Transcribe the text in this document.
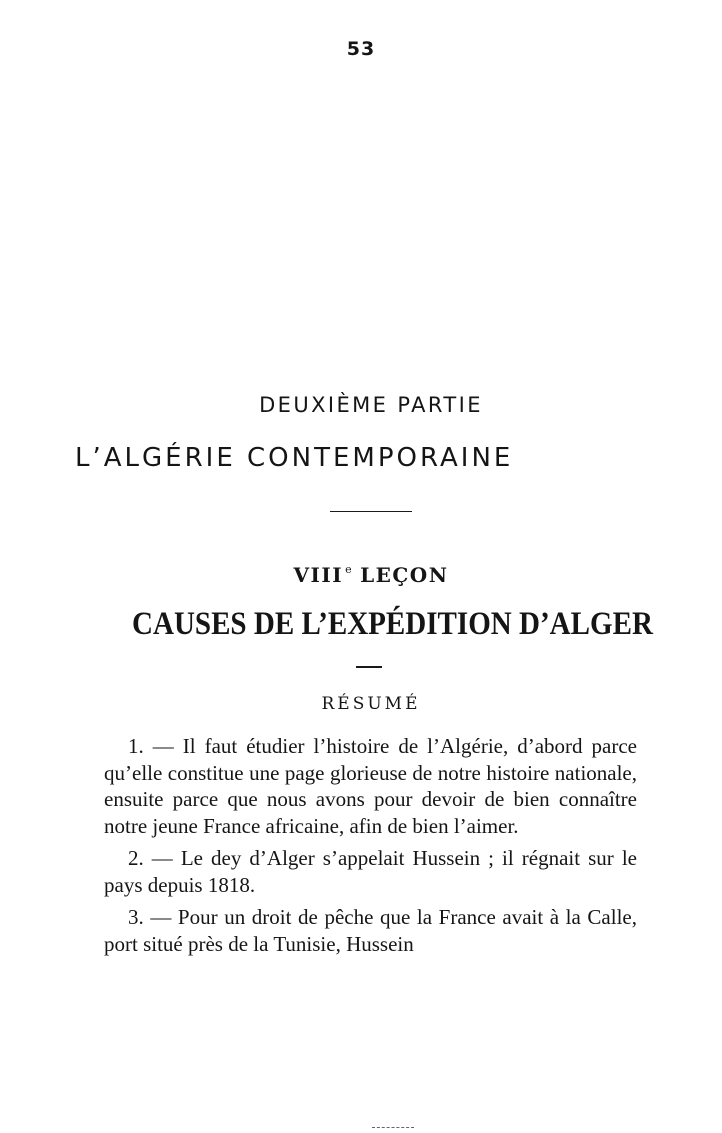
53
DEUXIÈME PARTIE
L’ALGÉRIE CONTEMPORAINE
VIII $^e$ LEÇON
CAUSES DE L’EXPÉDITION D’ALGER
RÉSUMÉ

1. — Il faut étudier l’histoire de l’Algérie, d’abord parce qu’elle constitue une page glorieuse de notre histoire nationale, ensuite parce que nous avons pour devoir de bien connaître notre jeune France africaine, afin de bien l’aimer.

2. — Le dey d’Alger s’appelait Hussein ; il régnait sur le pays depuis 1818.

3. — Pour un droit de pêche que la France avait à la Calle, port situé près de la Tunisie, Hussein
